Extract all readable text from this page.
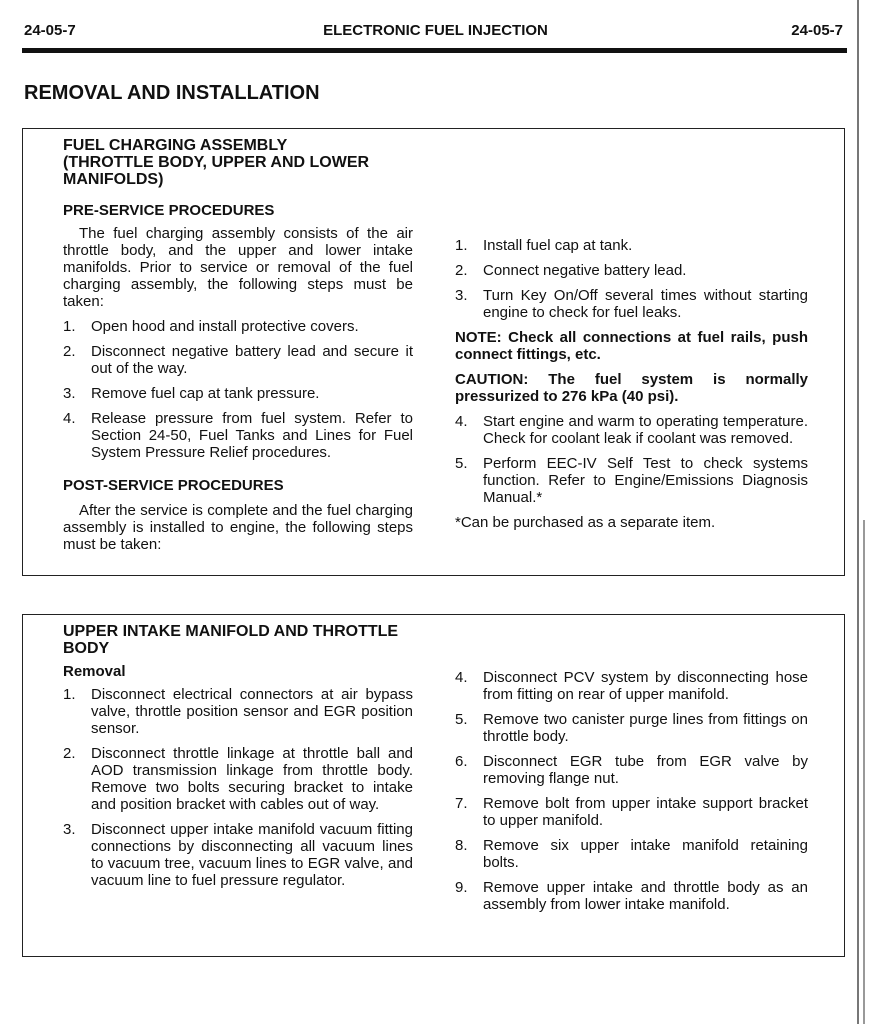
24-05-7	ELECTRONIC FUEL INJECTION	24-05-7
REMOVAL AND INSTALLATION
FUEL CHARGING ASSEMBLY
(THROTTLE BODY, UPPER AND LOWER
MANIFOLDS)
PRE-SERVICE PROCEDURES

The fuel charging assembly consists of the air throttle body, and the upper and lower intake manifolds. Prior to service or removal of the fuel charging assembly, the following steps must be taken:

1.	Open hood and install protective covers.
2.	Disconnect negative battery lead and secure it out of the way.
3.	Remove fuel cap at tank pressure.
4.	Release pressure from fuel system. Refer to Section 24-50, Fuel Tanks and Lines for Fuel System Pressure Relief procedures.
POST-SERVICE PROCEDURES

After the service is complete and the fuel charging assembly is installed to engine, the following steps must be taken:

1.	Install fuel cap at tank.
2.	Connect negative battery lead.
3.	Turn Key On/Off several times without starting engine to check for fuel leaks.

NOTE: Check all connections at fuel rails, push connect fittings, etc.

CAUTION: The fuel system is normally pressurized to 276 kPa (40 psi).

4.	Start engine and warm to operating temperature. Check for coolant leak if coolant was removed.
5.	Perform EEC-IV Self Test to check systems function. Refer to Engine/Emissions Diagnosis Manual.*

*Can be purchased as a separate item.

UPPER INTAKE MANIFOLD AND THROTTLE
BODY
Removal
1.	Disconnect electrical connectors at air bypass valve, throttle position sensor and EGR position sensor.
2.	Disconnect throttle linkage at throttle ball and AOD transmission linkage from throttle body. Remove two bolts securing bracket to intake and position bracket with cables out of way.
3.	Disconnect upper intake manifold vacuum fitting connections by disconnecting all vacuum lines to vacuum tree, vacuum lines to EGR valve, and vacuum line to fuel pressure regulator.
4.	Disconnect PCV system by disconnecting hose from fitting on rear of upper manifold.
5.	Remove two canister purge lines from fittings on throttle body.
6.	Disconnect EGR tube from EGR valve by removing flange nut.
7.	Remove bolt from upper intake support bracket to upper manifold.
8.	Remove six upper intake manifold retaining bolts.
9.	Remove upper intake and throttle body as an assembly from lower intake manifold.
